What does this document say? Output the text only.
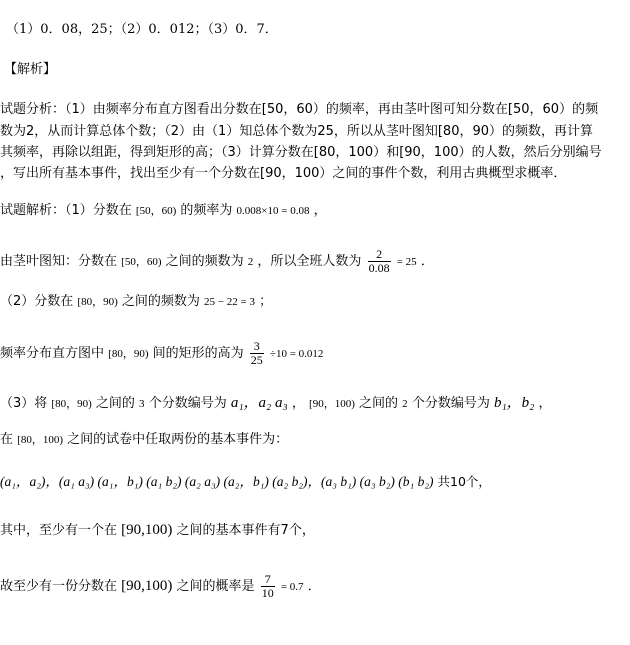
（1）0．08，25；（2）0．012；（3）0．7．
【解析】
试题分析：（1）由频率分布直方图看出分数在[50，60）的频率，再由茎叶图可知分数在[50，60）的频
数为2，从而计算总体个数；（2）由（1）知总体个数为25，所以从茎叶图知[80，90）的频数，再计算
其频率，再除以组距，得到矩形的高；（3）计算分数在[80，100）和[90，100）的人数，然后分别编号
，写出所有基本事件，找出至少有一个分数在[90，100）之间的事件个数，利用古典概型求概率．
试题解析：（1）分数在 [50，60) 的频率为 0.008×10 = 0.08 ，
由茎叶图知：分数在 [50，60) 之间的频数为 2 ，所以全班人数为 $\frac{2}{0.08} = 25$ ．
（2）分数在 [80，90) 之间的频数为 25 − 22 = 3 ；
频率分布直方图中 [80，90) 间的矩形的高为 $\frac{3}{25} \div 10 = 0.012$
（3）将 [80，90) 之间的 3 个分数编号为 a₁，a₂ a₃ ， [90，100) 之间的 2 个分数编号为 b₁，b₂ ，
在 [80，100) 之间的试卷中任取两份的基本事件为：
(a₁，a₂)，(a₁ a₃) (a₁，b₁) (a₁ b₂) (a₂ a₃) (a₂，b₁) (a₂ b₂)，(a₃ b₁) (a₃ b₂) (b₁ b₂) 共10个，
其中，至少有一个在 [90,100) 之间的基本事件有7个，
故至少有一份分数在 [90,100) 之间的概率是 $\frac{7}{10} = 0.7$ ．
